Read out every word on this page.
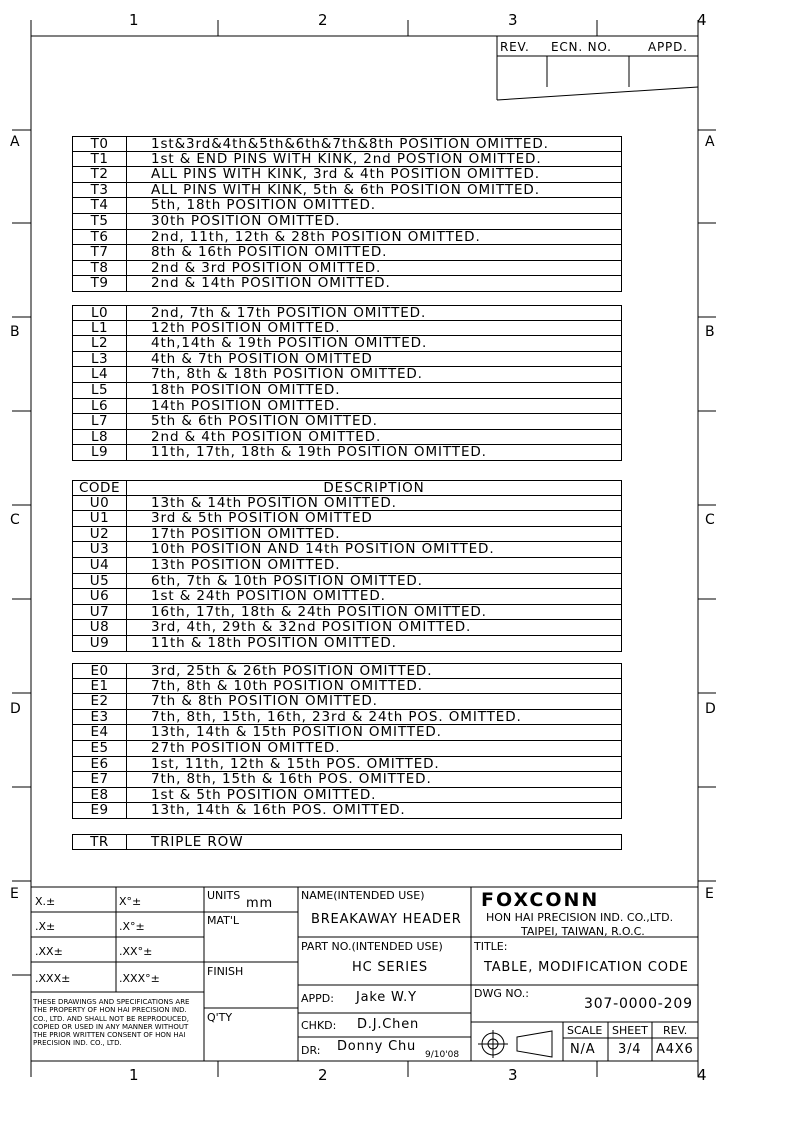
1	2	3	4
1	2	3	4
A
B
C
D
E
A
B
C
D
E
REV. ECN. NO.	APPD.
T0	1st&3rd&4th&5th&6th&7th&8th POSITION OMITTED.
T1	1st & END PINS WITH KINK, 2nd POSTION OMITTED.
T2	ALL PINS WITH KINK, 3rd & 4th POSITION OMITTED.
T3	ALL PINS WITH KINK, 5th & 6th POSITION OMITTED.
T4	5th, 18th POSITION OMITTED.
T5	30th POSITION OMITTED.
T6	2nd, 11th, 12th & 28th POSITION OMITTED.
T7	8th & 16th POSITION OMITTED.
T8	2nd & 3rd POSITION OMITTED.
T9	2nd & 14th POSITION OMITTED.
L0	2nd, 7th & 17th POSITION OMITTED.
L1	12th POSITION OMITTED.
L2	4th,14th & 19th POSITION OMITTED.
L3	4th & 7th POSITION OMITTED
L4	7th, 8th & 18th POSITION OMITTED.
L5	18th POSITION OMITTED.
L6	14th POSITION OMITTED.
L7	5th & 6th POSITION OMITTED.
L8	2nd & 4th POSITION OMITTED.
L9	11th, 17th, 18th & 19th POSITION OMITTED.
CODE	DESCRIPTION
U0	13th & 14th POSITION OMITTED.
U1	3rd & 5th POSITION OMITTED
U2	17th POSITION OMITTED.
U3	10th POSITION AND 14th POSITION OMITTED.
U4	13th POSITION OMITTED.
U5	6th, 7th & 10th POSITION OMITTED.
U6	1st & 24th POSITION OMITTED.
U7	16th, 17th, 18th & 24th POSITION OMITTED.
U8	3rd, 4th, 29th & 32nd POSITION OMITTED.
U9	11th & 18th POSITION OMITTED.
E0	3rd, 25th & 26th POSITION OMITTED.
E1	7th, 8th & 10th POSITION OMITTED.
E2	7th & 8th POSITION OMITTED.
E3	7th, 8th, 15th, 16th, 23rd & 24th POS. OMITTED.
E4	13th, 14th & 15th POSITION OMITTED.
E5	27th POSITION OMITTED.
E6	1st, 11th, 12th & 15th POS. OMITTED.
E7	7th, 8th, 15th & 16th POS. OMITTED.
E8	1st & 5th POSITION OMITTED.
E9	13th, 14th & 16th POS. OMITTED.
TR	TRIPLE ROW
X.±	X°±
.X±	.X°±
.XX±	.XX°±
.XXX±	.XXX°±
THESE DRAWINGS AND SPECIFICATIONS ARE THE PROPERTY OF HON HAI PRECISION IND. CO., LTD. AND SHALL NOT BE REPRODUCED, COPIED OR USED IN ANY MANNER WITHOUT THE PRIOR WRITTEN CONSENT OF HON HAI PRECISION IND. CO., LTD.
UNITS
mm
MAT'L
FINISH
Q'TY
NAME(INTENDED USE)
BREAKAWAY HEADER
PART NO.(INTENDED USE)
HC SERIES
APPD: Jake W.Y
CHKD: D.J.Chen
DR: Donny Chu
9/10'08
FOXCONN
HON HAI PRECISION IND. CO.,LTD.
TAIPEI, TAIWAN, R.O.C.
TITLE:
TABLE, MODIFICATION CODE
DWG NO.:
307-0000-209
SCALE
N/A
SHEET
3/4
REV.
A4X6
